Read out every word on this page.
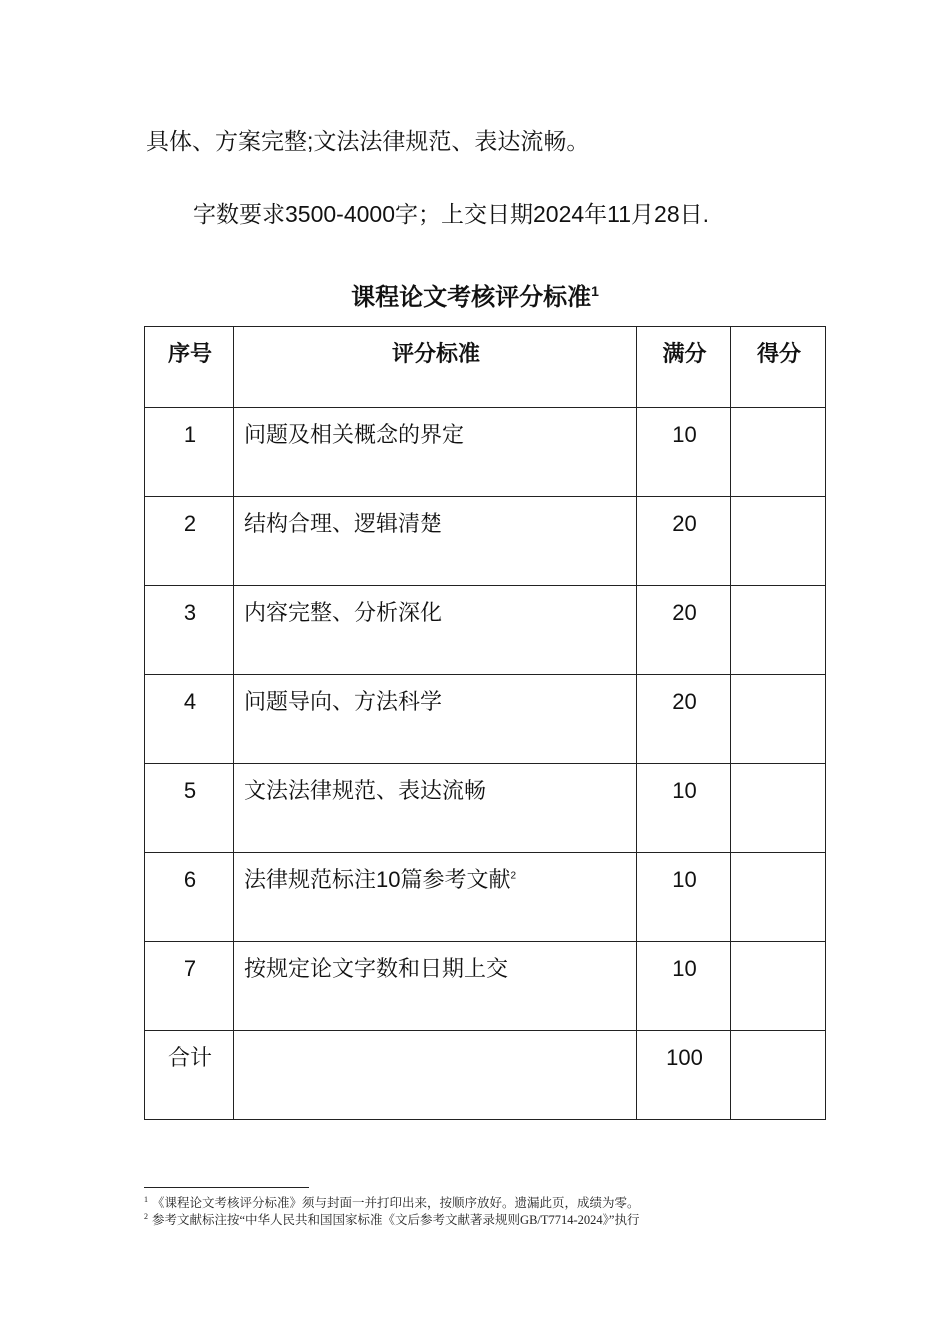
具体、方案完整;文法法律规范、表达流畅。
字数要求3500-4000字；上交日期2024年11月28日.
课程论文考核评分标准$^1$
序号	评分标准	满分	得分
1	问题及相关概念的界定	10	
2	结构合理、逻辑清楚	20	
3	内容完整、分析深化	20	
4	问题导向、方法科学	20	
5	文法法律规范、表达流畅	10	
6	法律规范标注10篇参考文献$^2$	10	
7	按规定论文字数和日期上交	10	
合计		100	
$^1$ 《课程论文考核评分标准》须与封面一并打印出来，按顺序放好。遗漏此页，成绩为零。
$^2$ 参考文献标注按“中华人民共和国国家标准《文后参考文献著录规则GB/T7714-2024》”执行
